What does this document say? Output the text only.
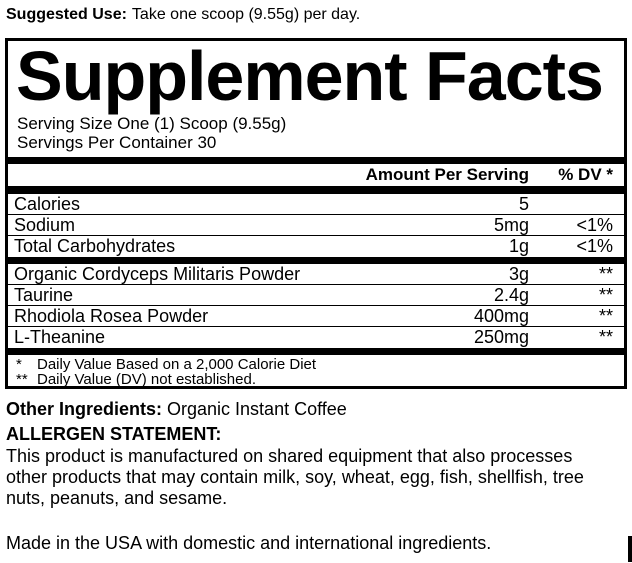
Suggested Use: Take one scoop (9.55g) per day.
Supplement Facts
Serving Size One (1) Scoop (9.55g)
Servings Per Container 30
Amount Per Serving	% DV *
Calories	5
Sodium	5mg	<1%
Total Carbohydrates	1g	<1%
Organic Cordyceps Militaris Powder	3g	**
Taurine	2.4g	**
Rhodiola Rosea Powder	400mg	**
L-Theanine	250mg	**
*	Daily Value Based on a 2,000 Calorie Diet
** Daily Value (DV) not established.
Other Ingredients: Organic Instant Coffee
ALLERGEN STATEMENT:
This product is manufactured on shared equipment that also processes
other products that may contain milk, soy, wheat, egg, fish, shellfish, tree
nuts, peanuts, and sesame.
Made in the USA with domestic and international ingredients.
